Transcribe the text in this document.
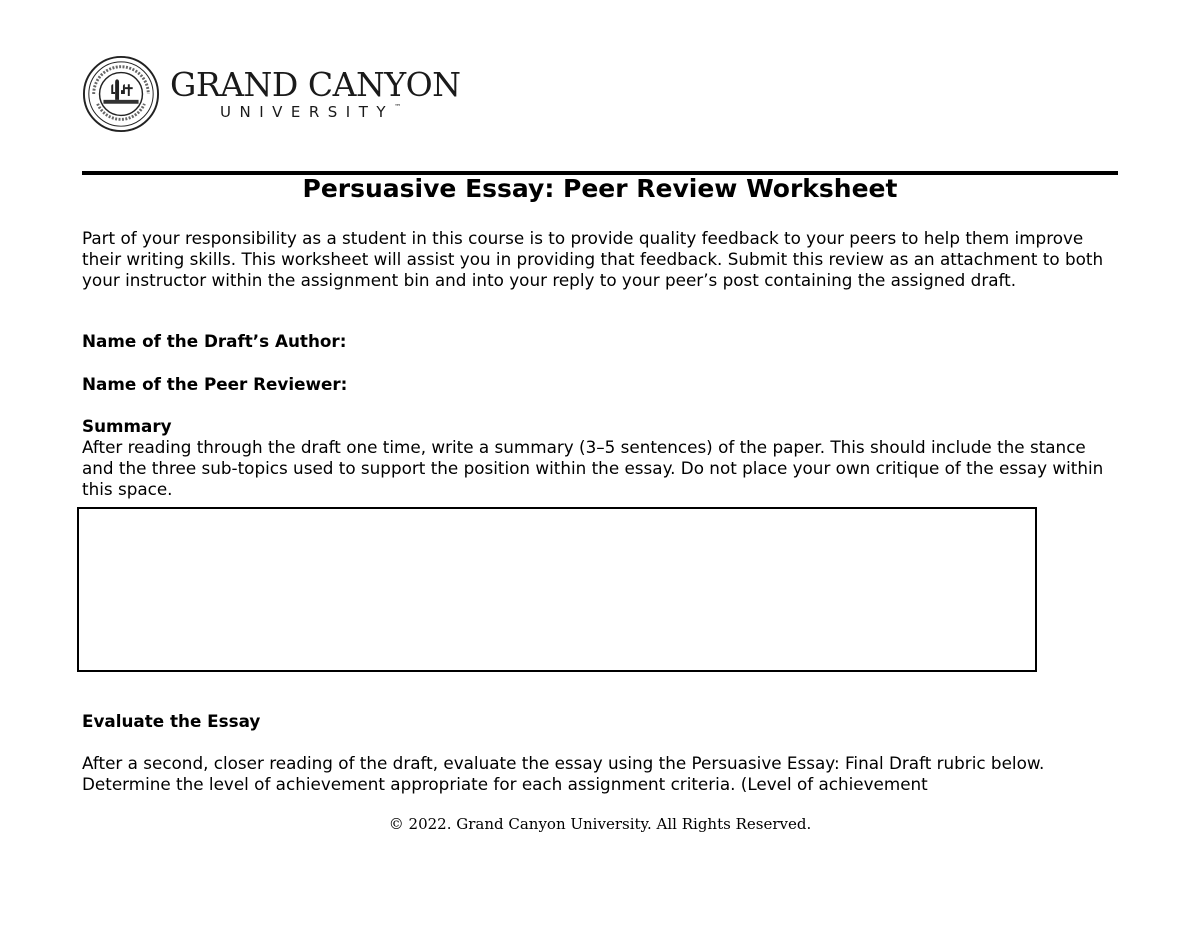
GRAND CANYON
UNIVERSITY™
Persuasive Essay: Peer Review Worksheet
Part of your responsibility as a student in this course is to provide quality feedback to your peers to help them improve their writing skills. This worksheet will assist you in providing that feedback. Submit this review as an attachment to both your instructor within the assignment bin and into your reply to your peer’s post containing the assigned draft.
Name of the Draft’s Author:
Name of the Peer Reviewer:
Summary
After reading through the draft one time, write a summary (3–5 sentences) of the paper. This should include the stance and the three sub-topics used to support the position within the essay. Do not place your own critique of the essay within this space.
Evaluate the Essay
After a second, closer reading of the draft, evaluate the essay using the Persuasive Essay: Final Draft rubric below. Determine the level of achievement appropriate for each assignment criteria. (Level of achievement
© 2022. Grand Canyon University. All Rights Reserved.
